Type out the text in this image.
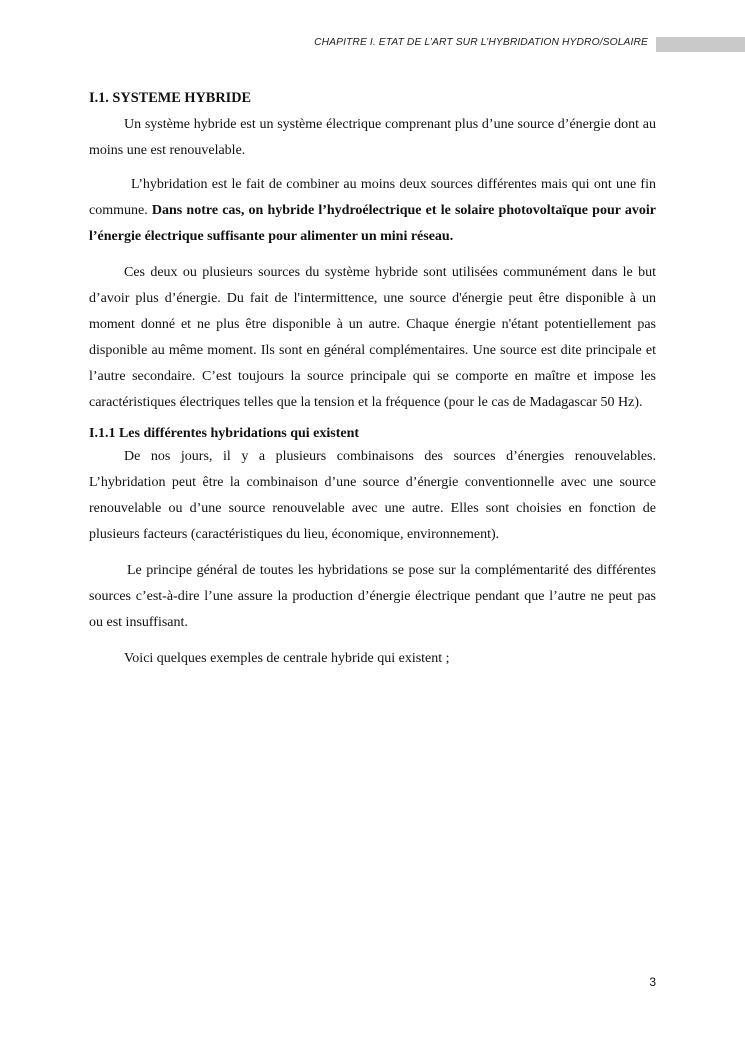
CHAPITRE I. ETAT DE L’ART SUR L’HYBRIDATION HYDRO/SOLAIRE
I.1. SYSTEME HYBRIDE

Un système hybride est un système électrique comprenant plus d’une source d’énergie dont au moins une est renouvelable.

L’hybridation est le fait de combiner au moins deux sources différentes mais qui ont une fin commune. Dans notre cas, on hybride l’hydroélectrique et le solaire photovoltaïque pour avoir l’énergie électrique suffisante pour alimenter un mini réseau.

Ces deux ou plusieurs sources du système hybride sont utilisées communément dans le but d’avoir plus d’énergie. Du fait de l'intermittence, une source d'énergie peut être disponible à un moment donné et ne plus être disponible à un autre. Chaque énergie n'étant potentiellement pas disponible au même moment. Ils sont en général complémentaires. Une source est dite principale et l’autre secondaire. C’est toujours la source principale qui se comporte en maître et impose les caractéristiques électriques telles que la tension et la fréquence (pour le cas de Madagascar 50 Hz).

I.1.1 Les différentes hybridations qui existent

De nos jours, il y a plusieurs combinaisons des sources d’énergies renouvelables. L’hybridation peut être la combinaison d’une source d’énergie conventionnelle avec une source renouvelable ou d’une source renouvelable avec une autre. Elles sont choisies en fonction de plusieurs facteurs (caractéristiques du lieu, économique, environnement).

Le principe général de toutes les hybridations se pose sur la complémentarité des différentes sources c’est-à-dire l’une assure la production d’énergie électrique pendant que l’autre ne peut pas ou est insuffisant.

Voici quelques exemples de centrale hybride qui existent ;

3
